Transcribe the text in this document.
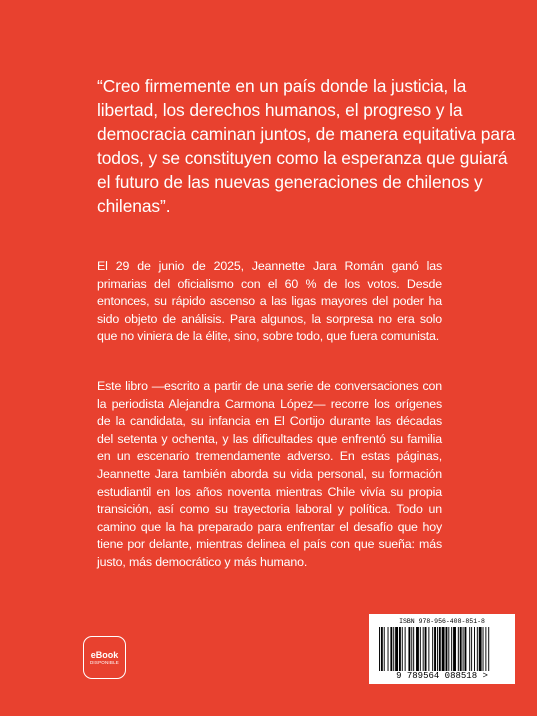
“Creo firmemente en un país donde la justicia, la libertad, los derechos humanos, el progreso y la democracia caminan juntos, de manera equitativa para todos, y se constituyen como la esperanza que guiará el futuro de las nuevas generaciones de chilenos y chilenas”.
El 29 de junio de 2025, Jeannette Jara Román ganó las primarias del oficialismo con el 60 % de los votos. Desde entonces, su rápido ascenso a las ligas mayores del poder ha sido objeto de análisis. Para algunos, la sorpresa no era solo que no viniera de la élite, sino, sobre todo, que fuera comunista.
Este libro —escrito a partir de una serie de conversaciones con la periodista Alejandra Carmona López— recorre los orígenes de la candidata, su infancia en El Cortijo durante las décadas del setenta y ochenta, y las dificultades que enfrentó su familia en un escenario tremendamente adverso. En estas páginas, Jeannette Jara también aborda su vida personal, su formación estudiantil en los años noventa mientras Chile vivía su propia transición, así como su trayectoria laboral y política. Todo un camino que la ha preparado para enfrentar el desafío que hoy tiene por delante, mientras delinea el país con que sueña: más justo, más democrático y más humano.
eBook
DISPONIBLE
ISBN 978-956-408-851-8
9 789564 088518 >
